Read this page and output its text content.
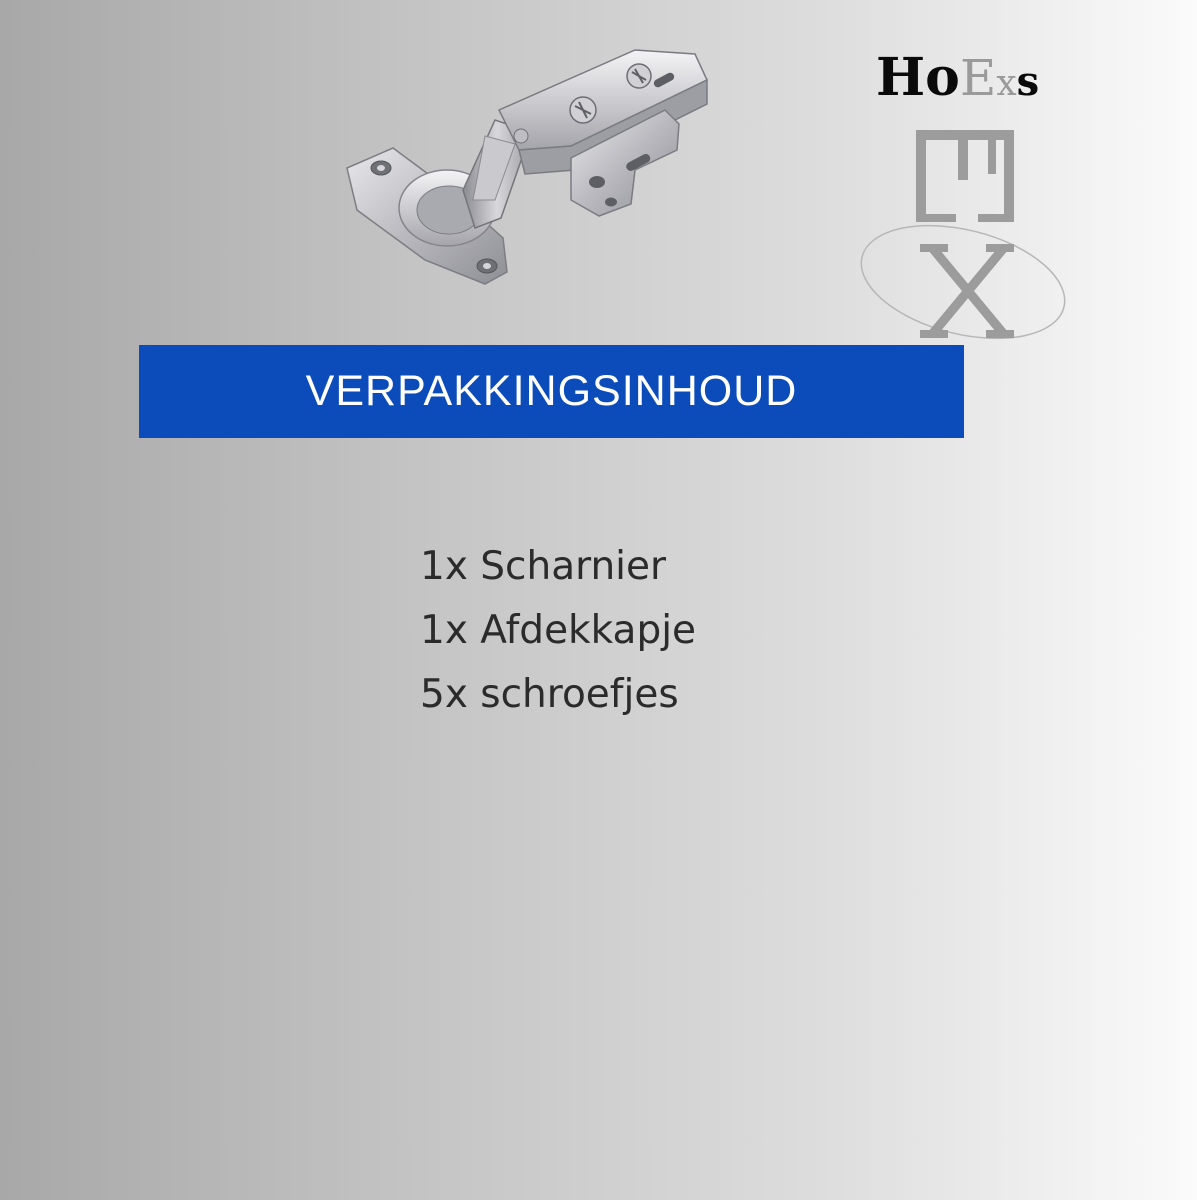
HoExs
VERPAKKINGSINHOUD
1x Scharnier
1x Afdekkapje
5x schroefjes
